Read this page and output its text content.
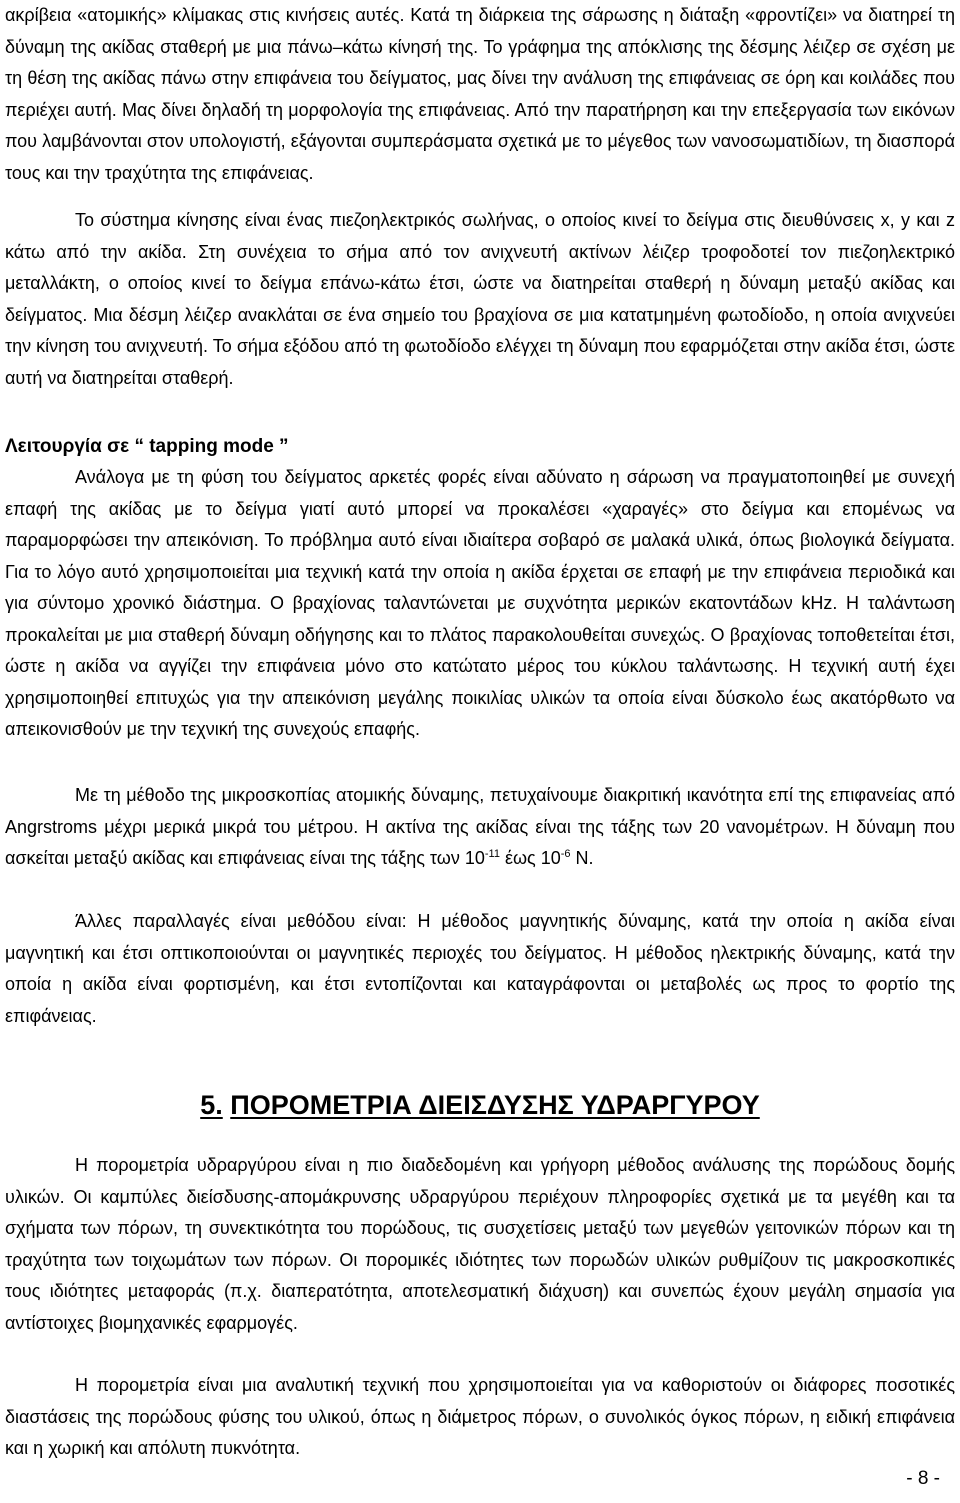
ακρίβεια «ατομικής» κλίμακας στις κινήσεις αυτές. Κατά τη διάρκεια της σάρωσης η διάταξη «φροντίζει» να διατηρεί τη δύναμη της ακίδας σταθερή με μια πάνω–κάτω κίνησή της. Το γράφημα της απόκλισης της δέσμης λέιζερ σε σχέση με τη θέση της ακίδας πάνω στην επιφάνεια του δείγματος, μας δίνει την ανάλυση της επιφάνειας σε όρη και κοιλάδες που περιέχει αυτή. Μας δίνει δηλαδή τη μορφολογία της επιφάνειας. Από την παρατήρηση και την επεξεργασία των εικόνων που λαμβάνονται στον υπολογιστή, εξάγονται συμπεράσματα σχετικά με το μέγεθος των νανοσωματιδίων, τη διασπορά τους και την τραχύτητα της επιφάνειας.

Το σύστημα κίνησης είναι ένας πιεζοηλεκτρικός σωλήνας, ο οποίος κινεί το δείγμα στις διευθύνσεις x, y και z κάτω από την ακίδα. Στη συνέχεια το σήμα από τον ανιχνευτή ακτίνων λέιζερ τροφοδοτεί τον πιεζοηλεκτρικό μεταλλάκτη, ο οποίος κινεί το δείγμα επάνω-κάτω έτσι, ώστε να διατηρείται σταθερή η δύναμη μεταξύ ακίδας και δείγματος. Μια δέσμη λέιζερ ανακλάται σε ένα σημείο του βραχίονα σε μια κατατμημένη φωτοδίοδο, η οποία ανιχνεύει την κίνηση του ανιχνευτή. Το σήμα εξόδου από τη φωτοδίοδο ελέγχει τη δύναμη που εφαρμόζεται στην ακίδα έτσι, ώστε αυτή να διατηρείται σταθερή.

Λειτουργία σε “ tapping mode ”

Ανάλογα με τη φύση του δείγματος αρκετές φορές είναι αδύνατο η σάρωση να πραγματοποιηθεί με συνεχή επαφή της ακίδας με το δείγμα γιατί αυτό μπορεί να προκαλέσει «χαραγές» στο δείγμα και επομένως να παραμορφώσει την απεικόνιση. Το πρόβλημα αυτό είναι ιδιαίτερα σοβαρό σε μαλακά υλικά, όπως βιολογικά δείγματα. Για το λόγο αυτό χρησιμοποιείται μια τεχνική κατά την οποία η ακίδα έρχεται σε επαφή με την επιφάνεια περιοδικά και για σύντομο χρονικό διάστημα. Ο βραχίονας ταλαντώνεται με συχνότητα μερικών εκατοντάδων kHz. Η ταλάντωση προκαλείται με μια σταθερή δύναμη οδήγησης και το πλάτος παρακολουθείται συνεχώς. Ο βραχίονας τοποθετείται έτσι, ώστε η ακίδα να αγγίζει την επιφάνεια μόνο στο κατώτατο μέρος του κύκλου ταλάντωσης. Η τεχνική αυτή έχει χρησιμοποιηθεί επιτυχώς για την απεικόνιση μεγάλης ποικιλίας υλικών τα οποία είναι δύσκολο έως ακατόρθωτο να απεικονισθούν με την τεχνική της συνεχούς επαφής.

Με τη μέθοδο της μικροσκοπίας ατομικής δύναμης, πετυχαίνουμε διακριτική ικανότητα επί της επιφανείας από Angrstroms μέχρι μερικά μικρά του μέτρου. Η ακτίνα της ακίδας είναι της τάξης των 20 νανομέτρων. Η δύναμη που ασκείται μεταξύ ακίδας και επιφάνειας είναι της τάξης των $10^{-11}$ έως $10^{-6}$ N.

Άλλες παραλλαγές είναι μεθόδου είναι: Η μέθοδος μαγνητικής δύναμης, κατά την οποία η ακίδα είναι μαγνητική και έτσι οπτικοποιούνται οι μαγνητικές περιοχές του δείγματος. Η μέθοδος ηλεκτρικής δύναμης, κατά την οποία η ακίδα είναι φορτισμένη, και έτσι εντοπίζονται και καταγράφονται οι μεταβολές ως προς το φορτίο της επιφάνειας.

5. ΠΟΡΟΜΕΤΡΙΑ ΔΙΕΙΣΔΥΣΗΣ ΥΔΡΑΡΓΥΡΟΥ

Η πορομετρία υδραργύρου είναι η πιο διαδεδομένη και γρήγορη μέθοδος ανάλυσης της πορώδους δομής υλικών. Οι καμπύλες διείσδυσης-απομάκρυνσης υδραργύρου περιέχουν πληροφορίες σχετικά με τα μεγέθη και τα σχήματα των πόρων, τη συνεκτικότητα του πορώδους, τις συσχετίσεις μεταξύ των μεγεθών γειτονικών πόρων και τη τραχύτητα των τοιχωμάτων των πόρων. Οι πορομικές ιδιότητες των πορωδών υλικών ρυθμίζουν τις μακροσκοπικές τους ιδιότητες μεταφοράς (π.χ. διαπερατότητα, αποτελεσματική διάχυση) και συνεπώς έχουν μεγάλη σημασία για αντίστοιχες βιομηχανικές εφαρμογές.

Η πορομετρία είναι μια αναλυτική τεχνική που χρησιμοποιείται για να καθοριστούν οι διάφορες ποσοτικές διαστάσεις της πορώδους φύσης του υλικού, όπως η διάμετρος πόρων, ο συνολικός όγκος πόρων, η ειδική επιφάνεια και η χωρική και απόλυτη πυκνότητα.

- 8 -
